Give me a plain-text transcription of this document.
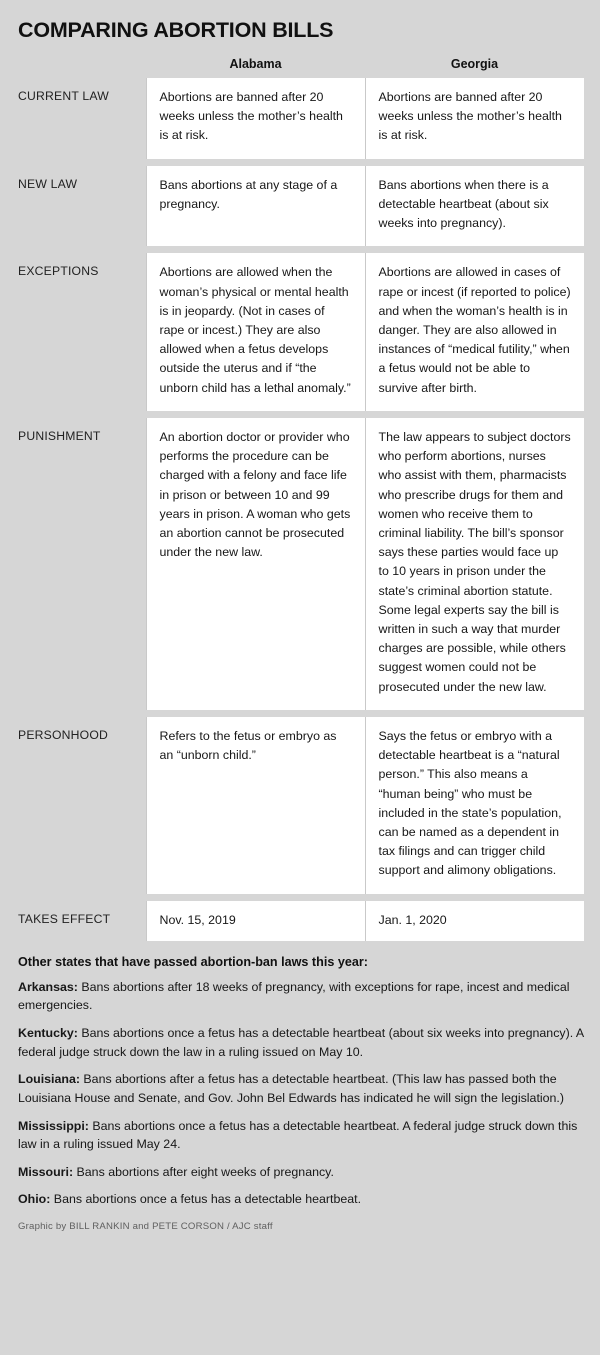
COMPARING ABORTION BILLS
	Alabama	Georgia
CURRENT LAW	Abortions are banned after 20 weeks unless the mother’s health is at risk.	Abortions are banned after 20 weeks unless the mother’s health is at risk.

NEW LAW	Bans abortions at any stage of a pregnancy.	Bans abortions when there is a detectable heartbeat (about six weeks into pregnancy).

EXCEPTIONS	Abortions are allowed when the woman’s physical or mental health is in jeopardy. (Not in cases of rape or incest.) They are also allowed when a fetus develops outside the uterus and if “the unborn child has a lethal anomaly.”	Abortions are allowed in cases of rape or incest (if reported to police) and when the woman’s health is in danger. They are also allowed in instances of “medical futility,” when a fetus would not be able to survive after birth.

PUNISHMENT	An abortion doctor or provider who performs the procedure can be charged with a felony and face life in prison or between 10 and 99 years in prison. A woman who gets an abortion cannot be prosecuted under the new law.	The law appears to subject doctors who perform abortions, nurses who assist with them, pharmacists who prescribe drugs for them and women who receive them to criminal liability. The bill’s sponsor says these parties would face up to 10 years in prison under the state’s criminal abortion statute. Some legal experts say the bill is written in such a way that murder charges are possible, while others suggest women could not be prosecuted under the new law.

PERSONHOOD	Refers to the fetus or embryo as an “unborn child.”	Says the fetus or embryo with a detectable heartbeat is a “natural person.” This also means a “human being” who must be included in the state’s population, can be named as a dependent in tax filings and can trigger child support and alimony obligations.

TAKES EFFECT	Nov. 15, 2019	Jan. 1, 2020
Other states that have passed abortion-ban laws this year:

Arkansas: Bans abortions after 18 weeks of pregnancy, with exceptions for rape, incest and medical emergencies.

Kentucky: Bans abortions once a fetus has a detectable heartbeat (about six weeks into pregnancy). A federal judge struck down the law in a ruling issued on May 10.

Louisiana: Bans abortions after a fetus has a detectable heartbeat. (This law has passed both the Louisiana House and Senate, and Gov. John Bel Edwards has indicated he will sign the legislation.)

Mississippi: Bans abortions once a fetus has a detectable heartbeat. A federal judge struck down this law in a ruling issued May 24.

Missouri: Bans abortions after eight weeks of pregnancy.

Ohio: Bans abortions once a fetus has a detectable heartbeat.

Graphic by BILL RANKIN and PETE CORSON / AJC staff
